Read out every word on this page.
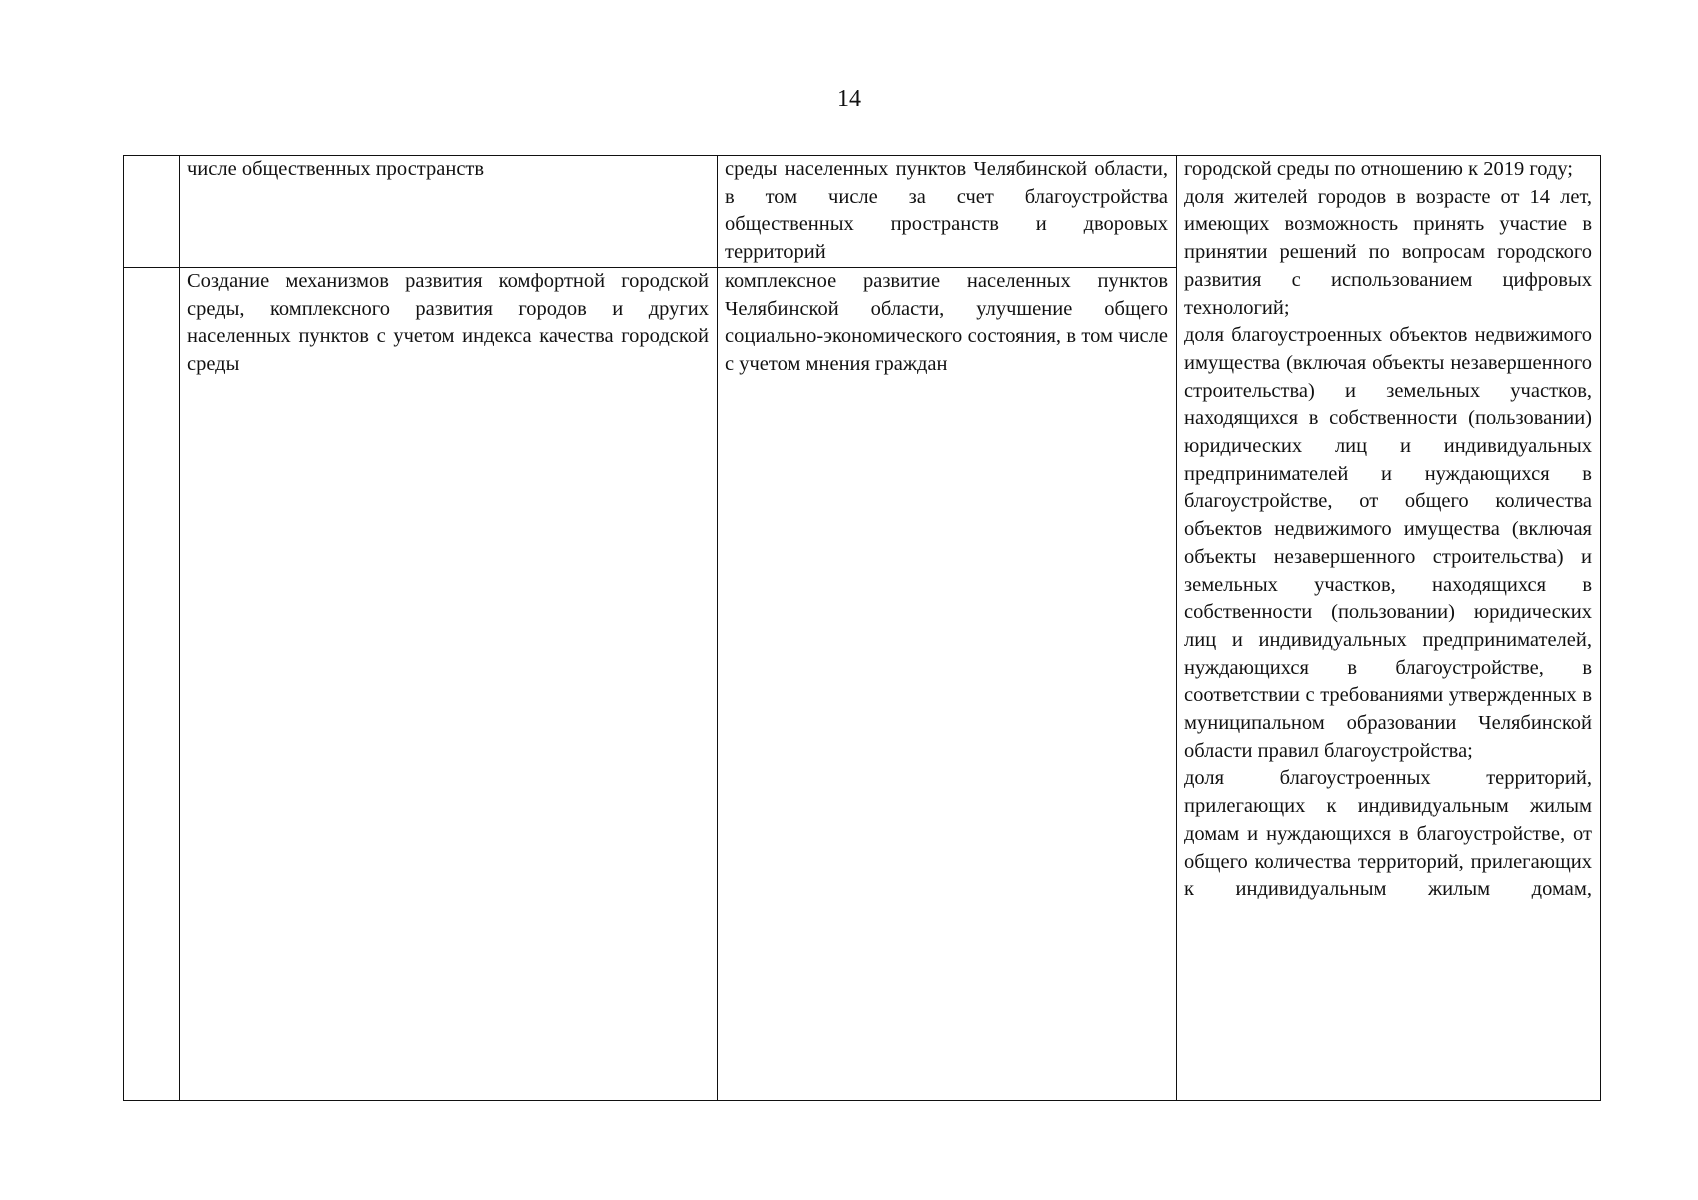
14

	числе общественных пространств	среды населенных пунктов Челябинской области, в том числе за счет благоустройства общественных пространств и дворовых территорий	городской среды по отношению к 2019 году;

доля жителей городов в возрасте от 14 лет, имеющих возможность принять участие в принятии решений по вопросам городского развития с использованием цифровых технологий;

доля благоустроенных объектов недвижимого имущества (включая объекты незавершенного строительства) и земельных участков, находящихся в собственности (пользовании) юридических лиц и индивидуальных предпринимателей и нуждающихся в благоустройстве, от общего количества объектов недвижимого имущества (включая объекты незавершенного строительства) и земельных участков, находящихся в собственности (пользовании) юридических лиц и индивидуальных предпринимателей, нуждающихся в благоустройстве, в соответствии с требованиями утвержденных в муниципальном образовании Челябинской области правил благоустройства;

доля благоустроенных территорий, прилегающих к индивидуальным жилым домам и нуждающихся в благоустройстве, от общего количества территорий, прилегающих к индивидуальным жилым домам,

	Создание механизмов развития комфортной городской среды, комплексного развития городов и других населенных пунктов с учетом индекса качества городской среды	комплексное развитие населенных пунктов Челябинской области, улучшение общего социально-экономического состояния, в том числе с учетом мнения граждан	
